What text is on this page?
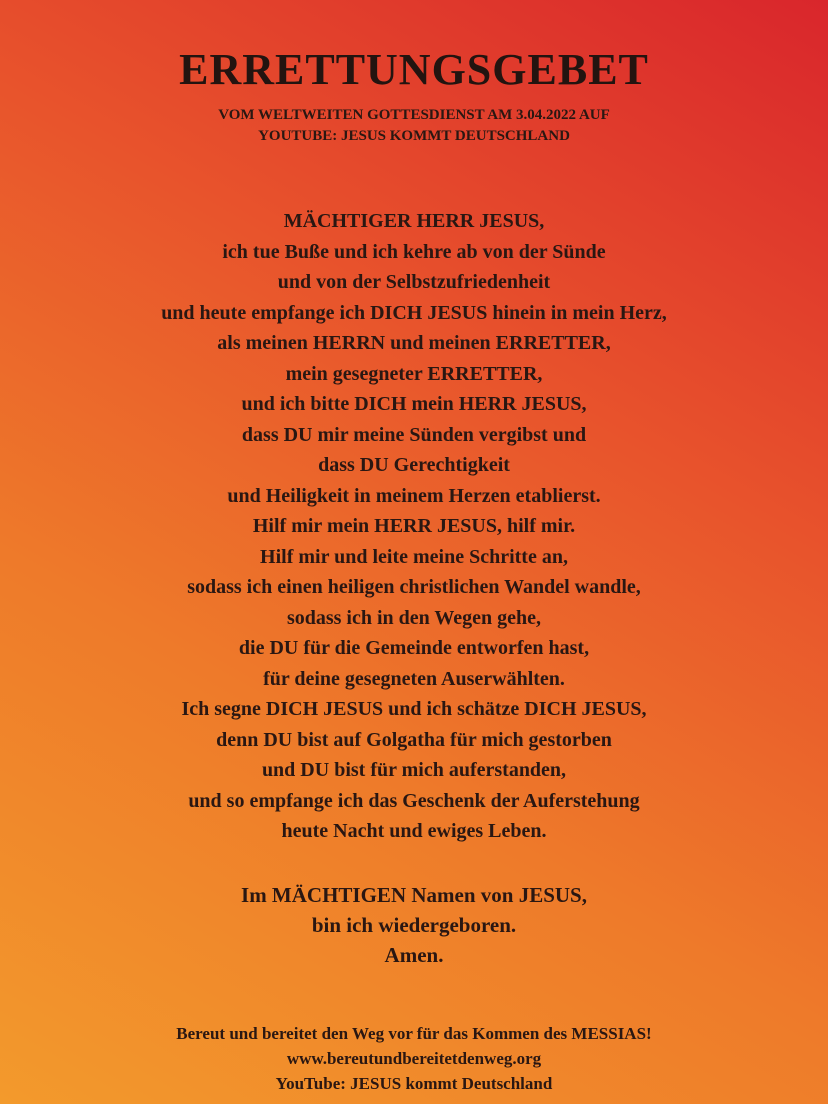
ERRETTUNGSGEBET
VOM WELTWEITEN GOTTESDIENST AM 3.04.2022 AUF
YOUTUBE: JESUS KOMMT DEUTSCHLAND
MÄCHTIGER HERR JESUS,
ich tue Buße und ich kehre ab von der Sünde
und von der Selbstzufriedenheit
und heute empfange ich DICH JESUS hinein in mein Herz,
als meinen HERRN und meinen ERRETTER,
mein gesegneter ERRETTER,
und ich bitte DICH mein HERR JESUS,
dass DU mir meine Sünden vergibst und
dass DU Gerechtigkeit
und Heiligkeit in meinem Herzen etablierst.
Hilf mir mein HERR JESUS, hilf mir.
Hilf mir und leite meine Schritte an,
sodass ich einen heiligen christlichen Wandel wandle,
sodass ich in den Wegen gehe,
die DU für die Gemeinde entworfen hast,
für deine gesegneten Auserwählten.
Ich segne DICH JESUS und ich schätze DICH JESUS,
denn DU bist auf Golgatha für mich gestorben
und DU bist für mich auferstanden,
und so empfange ich das Geschenk der Auferstehung
heute Nacht und ewiges Leben.
Im MÄCHTIGEN Namen von JESUS,
bin ich wiedergeboren.
Amen.
Bereut und bereitet den Weg vor für das Kommen des MESSIAS!
www.bereutundbereitetdenweg.org
YouTube: JESUS kommt Deutschland
